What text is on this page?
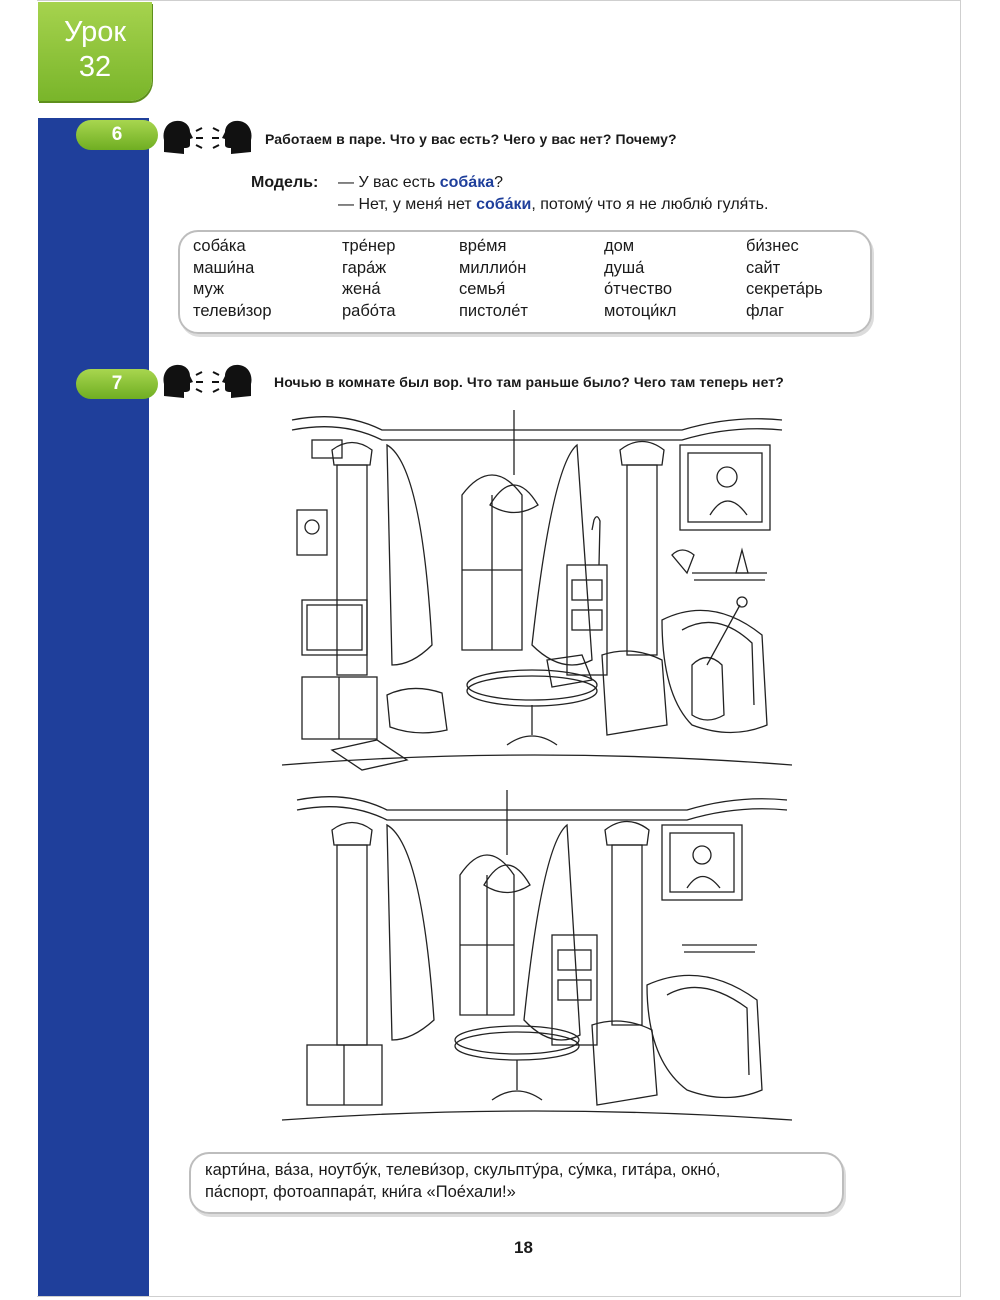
Урок
32
6	Работаем в паре. Что у вас есть? Чего у вас нет? Почему?
Модель: — У вас есть соба́ка?
— Нет, у меня́ нет соба́ки, потому́ что я не люблю́ гуля́ть.
соба́ка
маши́на
муж
телеви́зор
тре́нер
гара́ж
жена́
рабо́та
вре́мя
миллио́н
семья́
пистоле́т
дом
душа́
о́тчество
мотоци́кл
би́знес
сайт
секрета́рь
флаг
7	Ночью в комнате был вор. Что там раньше было? Чего там теперь нет?
карти́на, ва́за, ноутбу́к, телеви́зор, скульпту́ра, су́мка, гита́ра, окно́,
па́спорт, фотоаппара́т, кни́га «Пое́хали!»
18
